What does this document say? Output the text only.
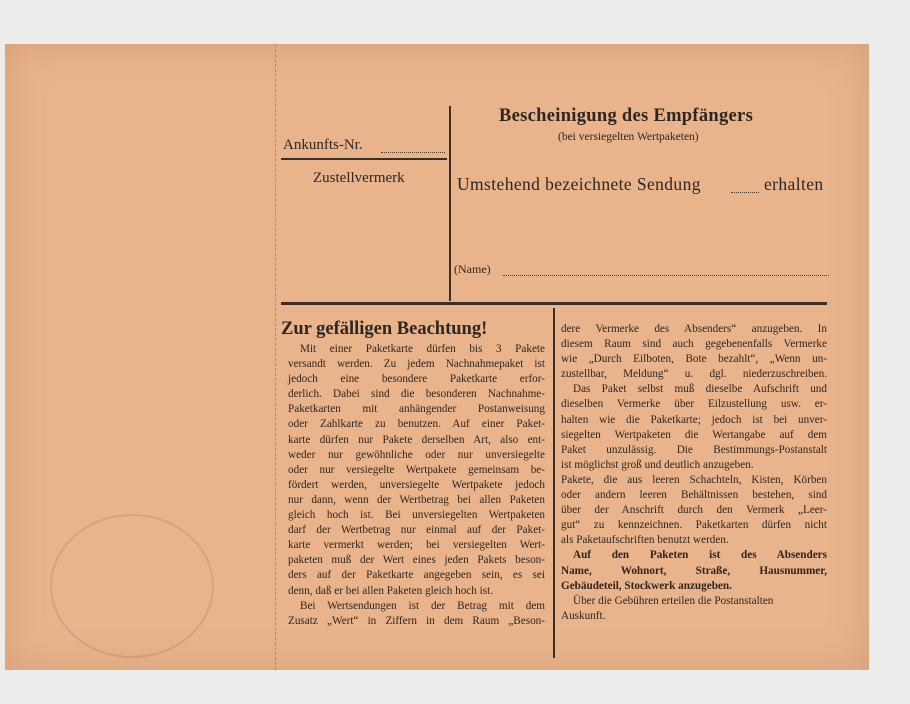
Ankunfts-Nr.
Zustellvermerk
Bescheinigung des Empfängers
(bei versiegelten Wertpaketen)
Umstehend bezeichnete Sendung	erhalten
(Name)
Zur gefälligen Beachtung!
Mit einer Paketkarte dürfen bis 3 Pakete
versandt werden. Zu jedem Nachnahmepaket ist
jedoch eine besondere Paketkarte erfor-
derlich. Dabei sind die besonderen Nachnahme-
Paketkarten mit anhängender Postanweisung
oder Zahlkarte zu benutzen. Auf einer Paket-
karte dürfen nur Pakete derselben Art, also ent-
weder nur gewöhnliche oder nur unversiegelte
oder nur versiegelte Wertpakete gemeinsam be-
fördert werden, unversiegelte Wertpakete jedoch
nur dann, wenn der Wertbetrag bei allen Paketen
gleich hoch ist. Bei unversiegelten Wertpaketen
darf der Wertbetrag nur einmal auf der Paket-
karte vermerkt werden; bei versiegelten Wert-
paketen muß der Wert eines jeden Pakets beson-
ders auf der Paketkarte angegeben sein, es sei
denn, daß er bei allen Paketen gleich hoch ist.
Bei Wertsendungen ist der Betrag mit dem
Zusatz „Wert“ in Ziffern in dem Raum „Beson-
dere Vermerke des Absenders“ anzugeben. In
diesem Raum sind auch gegebenenfalls Vermerke
wie „Durch Eilboten, Bote bezahlt“, „Wenn un-
zustellbar, Meldung“ u. dgl. niederzuschreiben.
Das Paket selbst muß dieselbe Aufschrift und
dieselben Vermerke über Eilzustellung usw. er-
halten wie die Paketkarte; jedoch ist bei unver-
siegelten Wertpaketen die Wertangabe auf dem
Paket unzulässig. Die Bestimmungs-Postanstalt
ist möglichst groß und deutlich anzugeben.
Pakete, die aus leeren Schachteln, Kisten, Körben
oder andern leeren Behältnissen bestehen, sind
über der Anschrift durch den Vermerk „Leer-
gut“ zu kennzeichnen. Paketkarten dürfen nicht
als Paketaufschriften benutzt werden.
Auf den Paketen ist des Absenders
Name, Wohnort, Straße, Hausnummer,
Gebäudeteil, Stockwerk anzugeben.
Über die Gebühren erteilen die Postanstalten
Auskunft.
